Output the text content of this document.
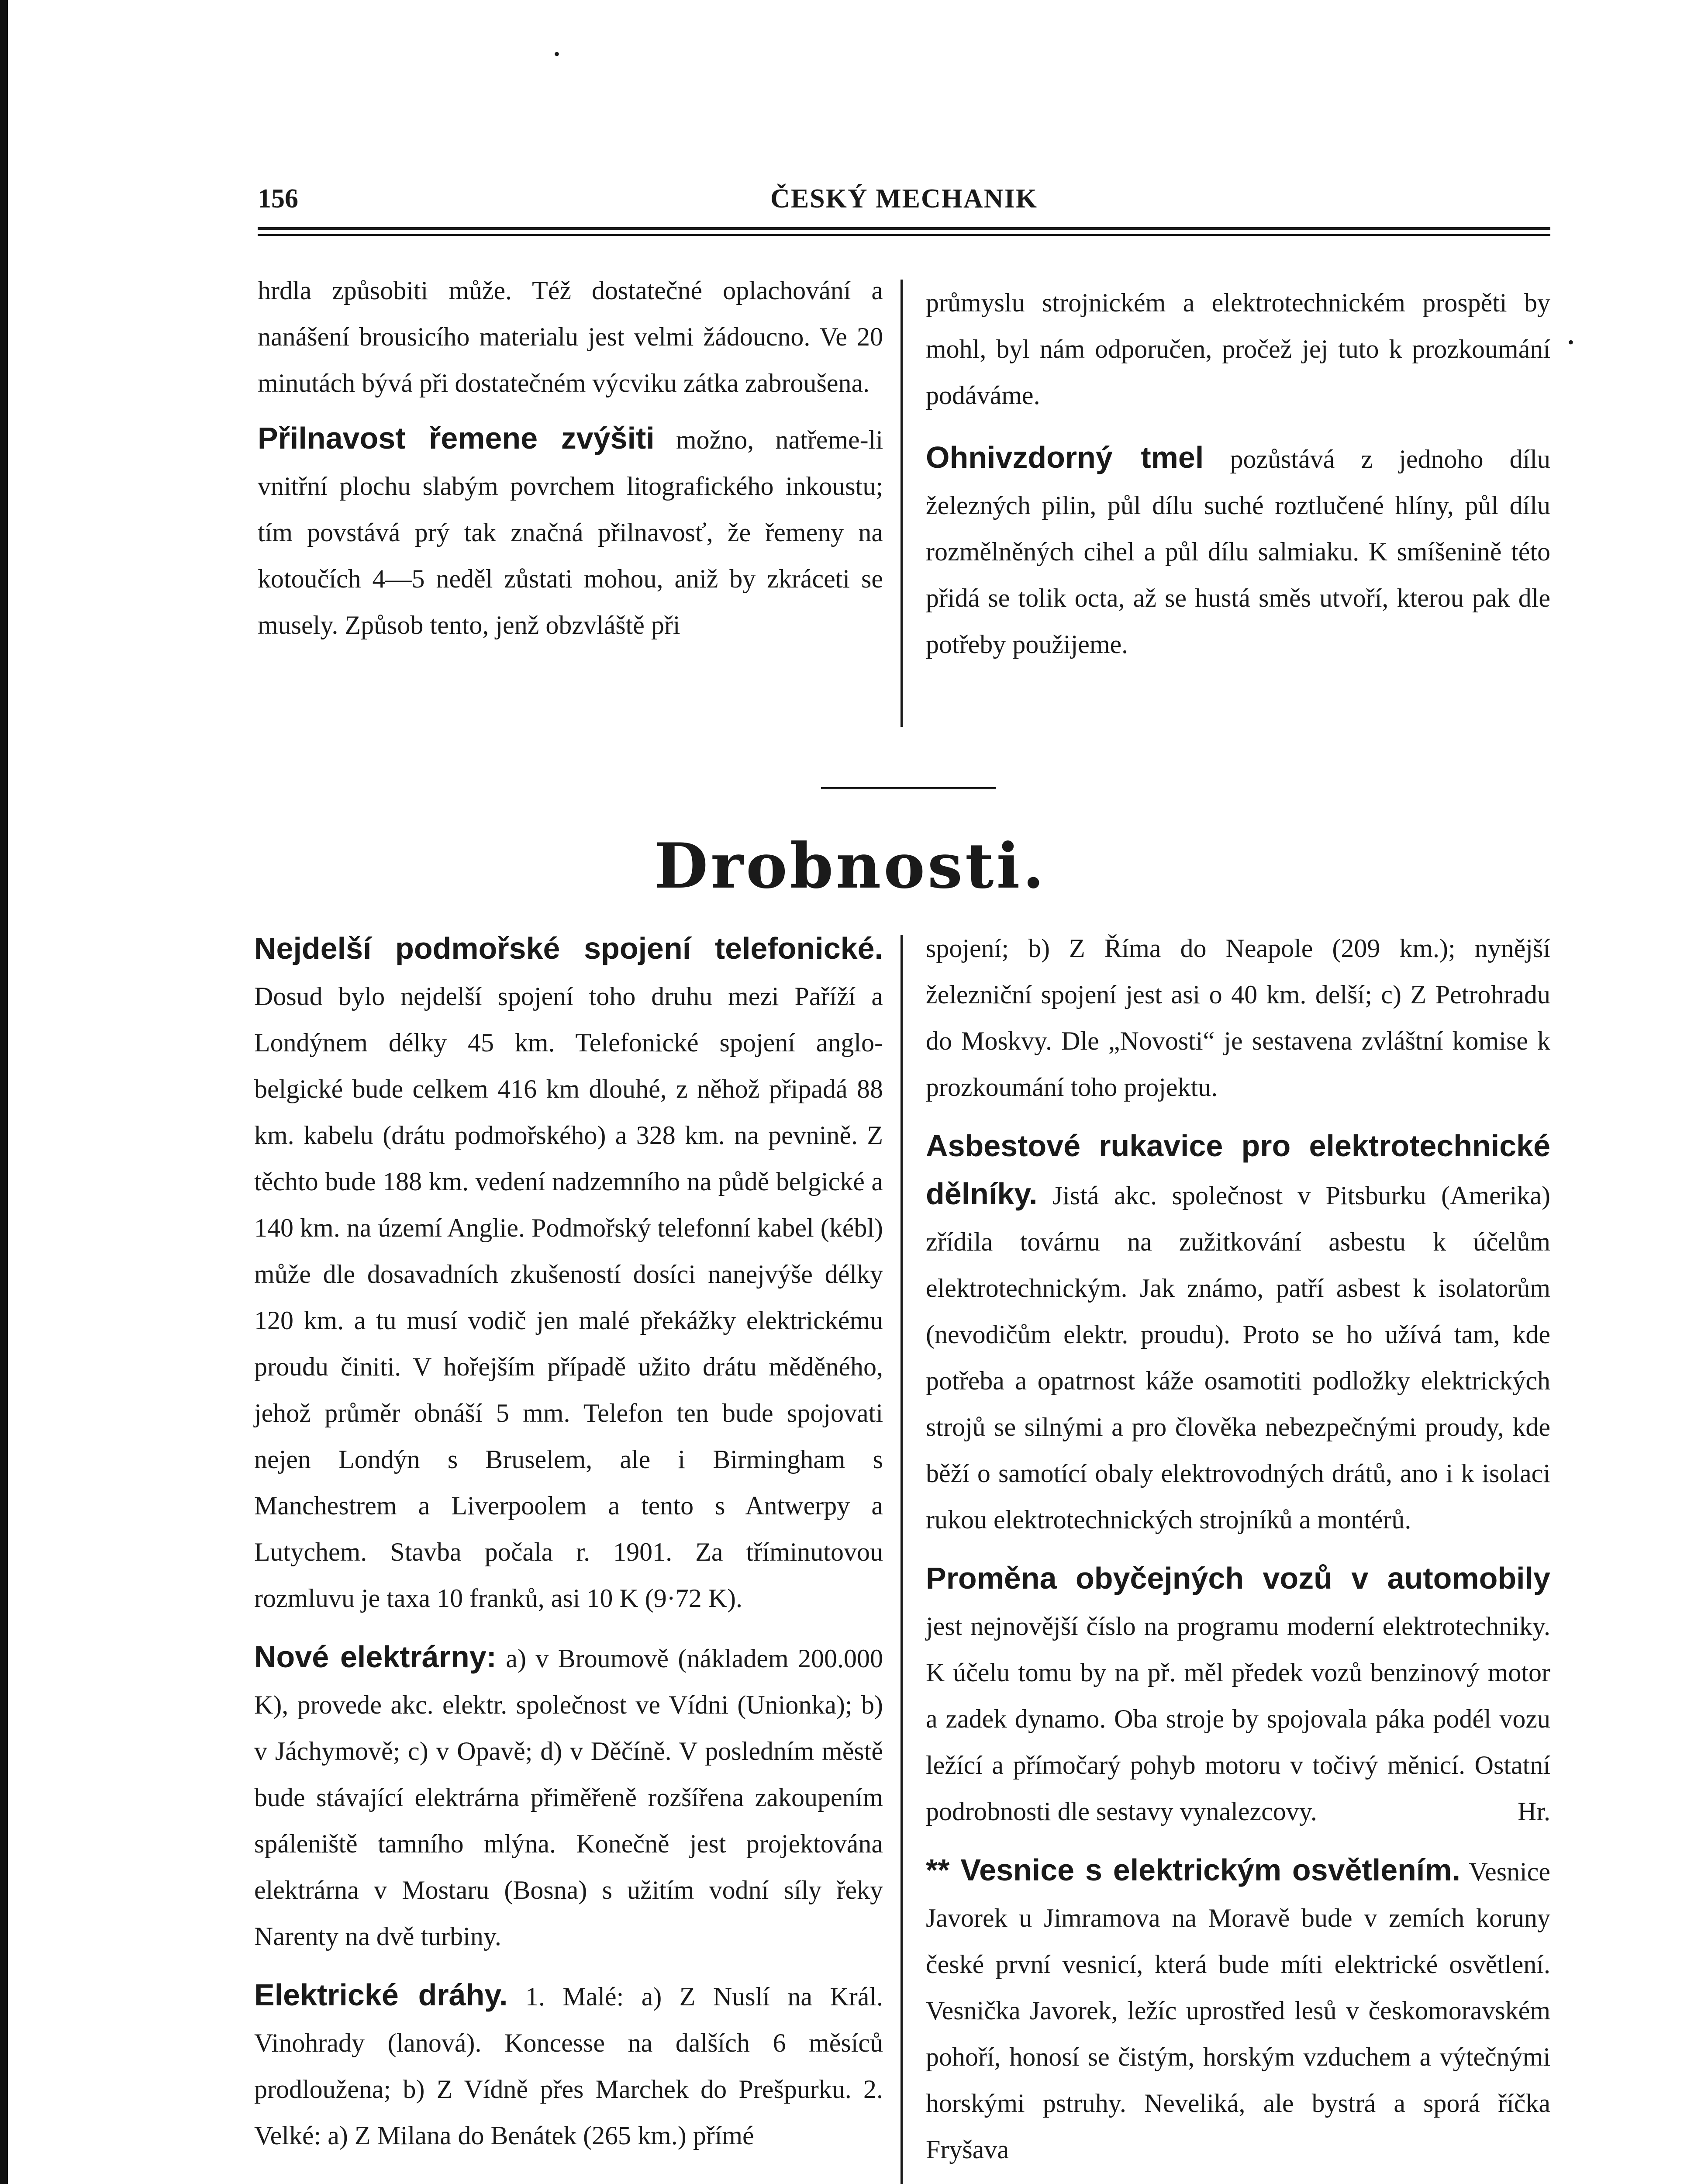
•
156	ČESKÝ MECHANIK

hrdla způsobiti může. Též dostatečné oplachování a nanášení brousicího materialu jest velmi žádoucno. Ve 20 minutách bývá při dostatečném výcviku zátka zabroušena.

Přilnavost řemene zvýšiti možno, natřeme-li vnitřní plochu slabým povrchem litografického inkoustu; tím povstává prý tak značná přilnavosť, že řemeny na kotoučích 4—5 neděl zůstati mohou, aniž by zkráceti se musely. Způsob tento, jenž obzvláště při

průmyslu strojnickém a elektrotechnickém prospěti by mohl, byl nám odporučen, pročež jej tuto k prozkoumání podáváme.

Ohnivzdorný tmel pozůstává z jednoho dílu železných pilin, půl dílu suché roztlučené hlíny, půl dílu rozmělněných cihel a půl dílu salmiaku. K smíšenině této přidá se tolik octa, až se hustá směs utvoří, kterou pak dle potřeby použijeme.

•
Drobnosti.

Nejdelší podmořské spojení telefonické. Dosud bylo nejdelší spojení toho druhu mezi Paříží a Londýnem délky 45 km. Telefonické spojení anglo-belgické bude celkem 416 km dlouhé, z něhož připadá 88 km. kabelu (drátu podmořského) a 328 km. na pevnině. Z těchto bude 188 km. vedení nadzemního na půdě belgické a 140 km. na území Anglie. Podmořský telefonní kabel (kébl) může dle dosavadních zkušeností dosíci nanejvýše délky 120 km. a tu musí vodič jen malé překážky elektrickému proudu činiti. V hořejším případě užito drátu měděného, jehož průměr obnáší 5 mm. Telefon ten bude spojovati nejen Londýn s Bruselem, ale i Birmingham s Manchestrem a Liverpoolem a tento s Antwerpy a Lutychem. Stavba počala r. 1901. Za tříminutovou rozmluvu je taxa 10 franků, asi 10 K (9·72 K).

Nové elektrárny: a) v Broumově (nákladem 200.000 K), provede akc. elektr. společnost ve Vídni (Unionka); b) v Jáchymově; c) v Opavě; d) v Děčíně. V posledním městě bude stávající elektrárna přiměřeně rozšířena zakoupením spáleniště tamního mlýna. Konečně jest projektována elektrárna v Mostaru (Bosna) s užitím vodní síly řeky Narenty na dvě turbiny.

Elektrické dráhy. 1. Malé: a) Z Nuslí na Král. Vinohrady (lanová). Koncesse na dalších 6 měsíců prodloužena; b) Z Vídně přes Marchek do Prešpurku. 2. Velké: a) Z Milana do Benátek (265 km.) přímé

spojení; b) Z Říma do Neapole (209 km.); nynější železniční spojení jest asi o 40 km. delší; c) Z Petrohradu do Moskvy. Dle „Novosti“ je sestavena zvláštní komise k prozkoumání toho projektu.

Asbestové rukavice pro elektrotechnické dělníky. Jistá akc. společnost v Pitsburku (Amerika) zřídila továrnu na zužitkování asbestu k účelům elektrotechnickým. Jak známo, patří asbest k isolatorům (nevodičům elektr. proudu). Proto se ho užívá tam, kde potřeba a opatrnost káže osamotiti podložky elektrických strojů se silnými a pro člověka nebezpečnými proudy, kde běží o samotící obaly elektrovodných drátů, ano i k isolaci rukou elektrotechnických strojníků a montérů.

Proměna obyčejných vozů v automobily jest nejnovější číslo na programu moderní elektrotechniky. K účelu tomu by na př. měl předek vozů benzinový motor a zadek dynamo. Oba stroje by spojovala páka podél vozu ležící a přímočarý pohyb motoru v točivý měnicí. Ostatní podrobnosti dle sestavy vynalezcovy.	Hr.

** Vesnice s elektrickým osvětlením. Vesnice Javorek u Jimramova na Moravě bude v zemích koruny české první vesnicí, která bude míti elektrické osvětlení. Vesnička Javorek, ležíc uprostřed lesů v českomoravském pohoří, honosí se čistým, horským vzduchem a výtečnými horskými pstruhy. Neveliká, ale bystrá a sporá říčka Fryšava
